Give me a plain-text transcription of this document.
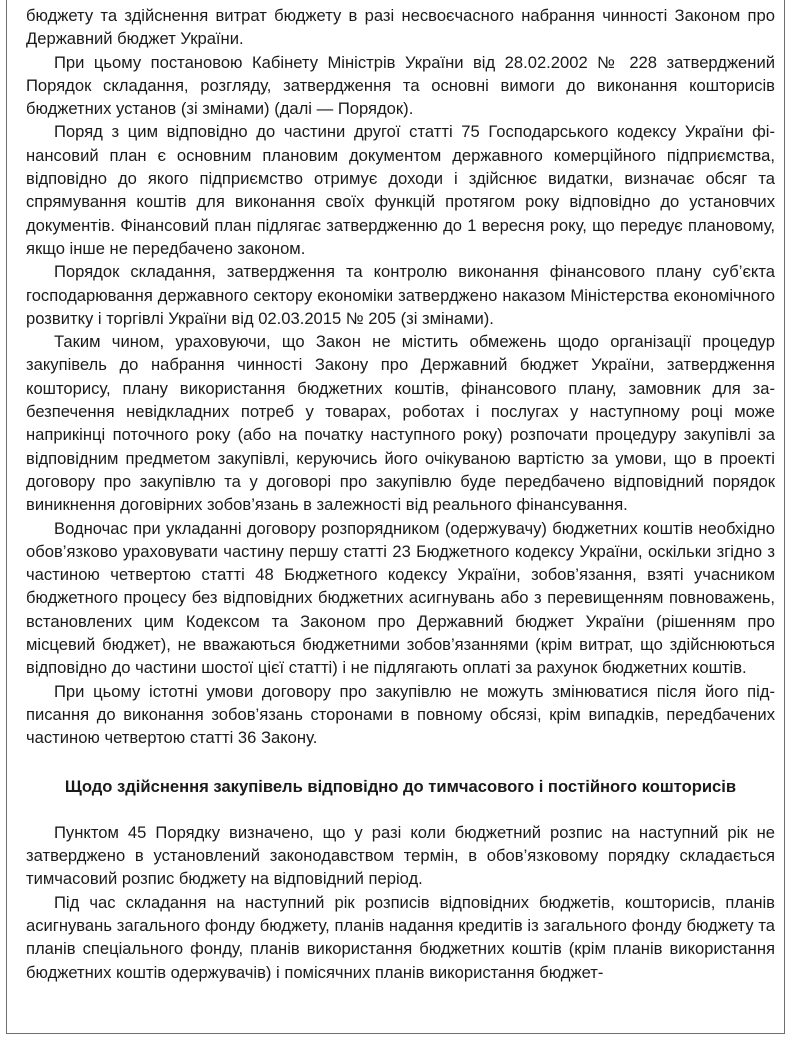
бюджету та здійснення витрат бюджету в разі несвоєчасного набрання чинності Законом про Державний бюджет України.

При цьому постановою Кабінету Міністрів України від 28.02.2002 № 228 затверджений Порядок складання, розгляду, затвердження та основні вимоги до виконання кошторисів бюджетних установ (зі змінами) (далі — Порядок).

Поряд з цим відповідно до частини другої статті 75 Господарського кодексу України фінансовий план є основним плановим документом державного комерційного підприємства, відповідно до якого підприємство отримує доходи і здійснює видатки, визначає обсяг та спрямування коштів для виконання своїх функцій протягом року відповідно до установчих документів. Фінансовий план підлягає затвердженню до 1 вересня року, що передує плановому, якщо інше не передбачено законом.

Порядок складання, затвердження та контролю виконання фінансового плану суб’єкта господарювання державного сектору економіки затверджено наказом Міністерства економічного розвитку і торгівлі України від 02.03.2015 № 205 (зі змінами).

Таким чином, ураховуючи, що Закон не містить обмежень щодо організації процедур закупівель до набрання чинності Закону про Державний бюджет України, затвердження кошторису, плану використання бюджетних коштів, фінансового плану, замовник для забезпечення невідкладних потреб у товарах, роботах і послугах у наступному році може наприкінці поточного року (або на початку наступного року) розпочати процедуру закупівлі за відповідним предметом закупівлі, керуючись його очікуваною вартістю за умови, що в проекті договору про закупівлю та у договорі про закупівлю буде передбачено відповідний порядок виникнення договірних зобов’язань в залежності від реального фінансування.

Водночас при укладанні договору розпорядником (одержувачу) бюджетних коштів необхідно обов’язково ураховувати частину першу статті 23 Бюджетного кодексу України, оскільки згідно з частиною четвертою статті 48 Бюджетного кодексу України, зобов’язання, взяті учасником бюджетного процесу без відповідних бюджетних асигнувань або з перевищенням повноважень, встановлених цим Кодексом та Законом про Державний бюджет України (рішенням про місцевий бюджет), не вважаються бюджетними зобов’язаннями (крім витрат, що здійснюються відповідно до частини шостої цієї статті) і не підлягають оплаті за рахунок бюджетних коштів.

При цьому істотні умови договору про закупівлю не можуть змінюватися після його підписання до виконання зобов’язань сторонами в повному обсязі, крім випадків, передбачених частиною четвертою статті 36 Закону.

Щодо здійснення закупівель відповідно до тимчасового і постійного кошторисів

Пунктом 45 Порядку визначено, що у разі коли бюджетний розпис на наступний рік не затверджено в установлений законодавством термін, в обов’язковому порядку складається тимчасовий розпис бюджету на відповідний період.

Під час складання на наступний рік розписів відповідних бюджетів, кошторисів, планів асигнувань загального фонду бюджету, планів надання кредитів із загального фонду бюджету та планів спеціального фонду, планів використання бюджетних коштів (крім планів використання бюджетних коштів одержувачів) і помісячних планів використання бюджет-
